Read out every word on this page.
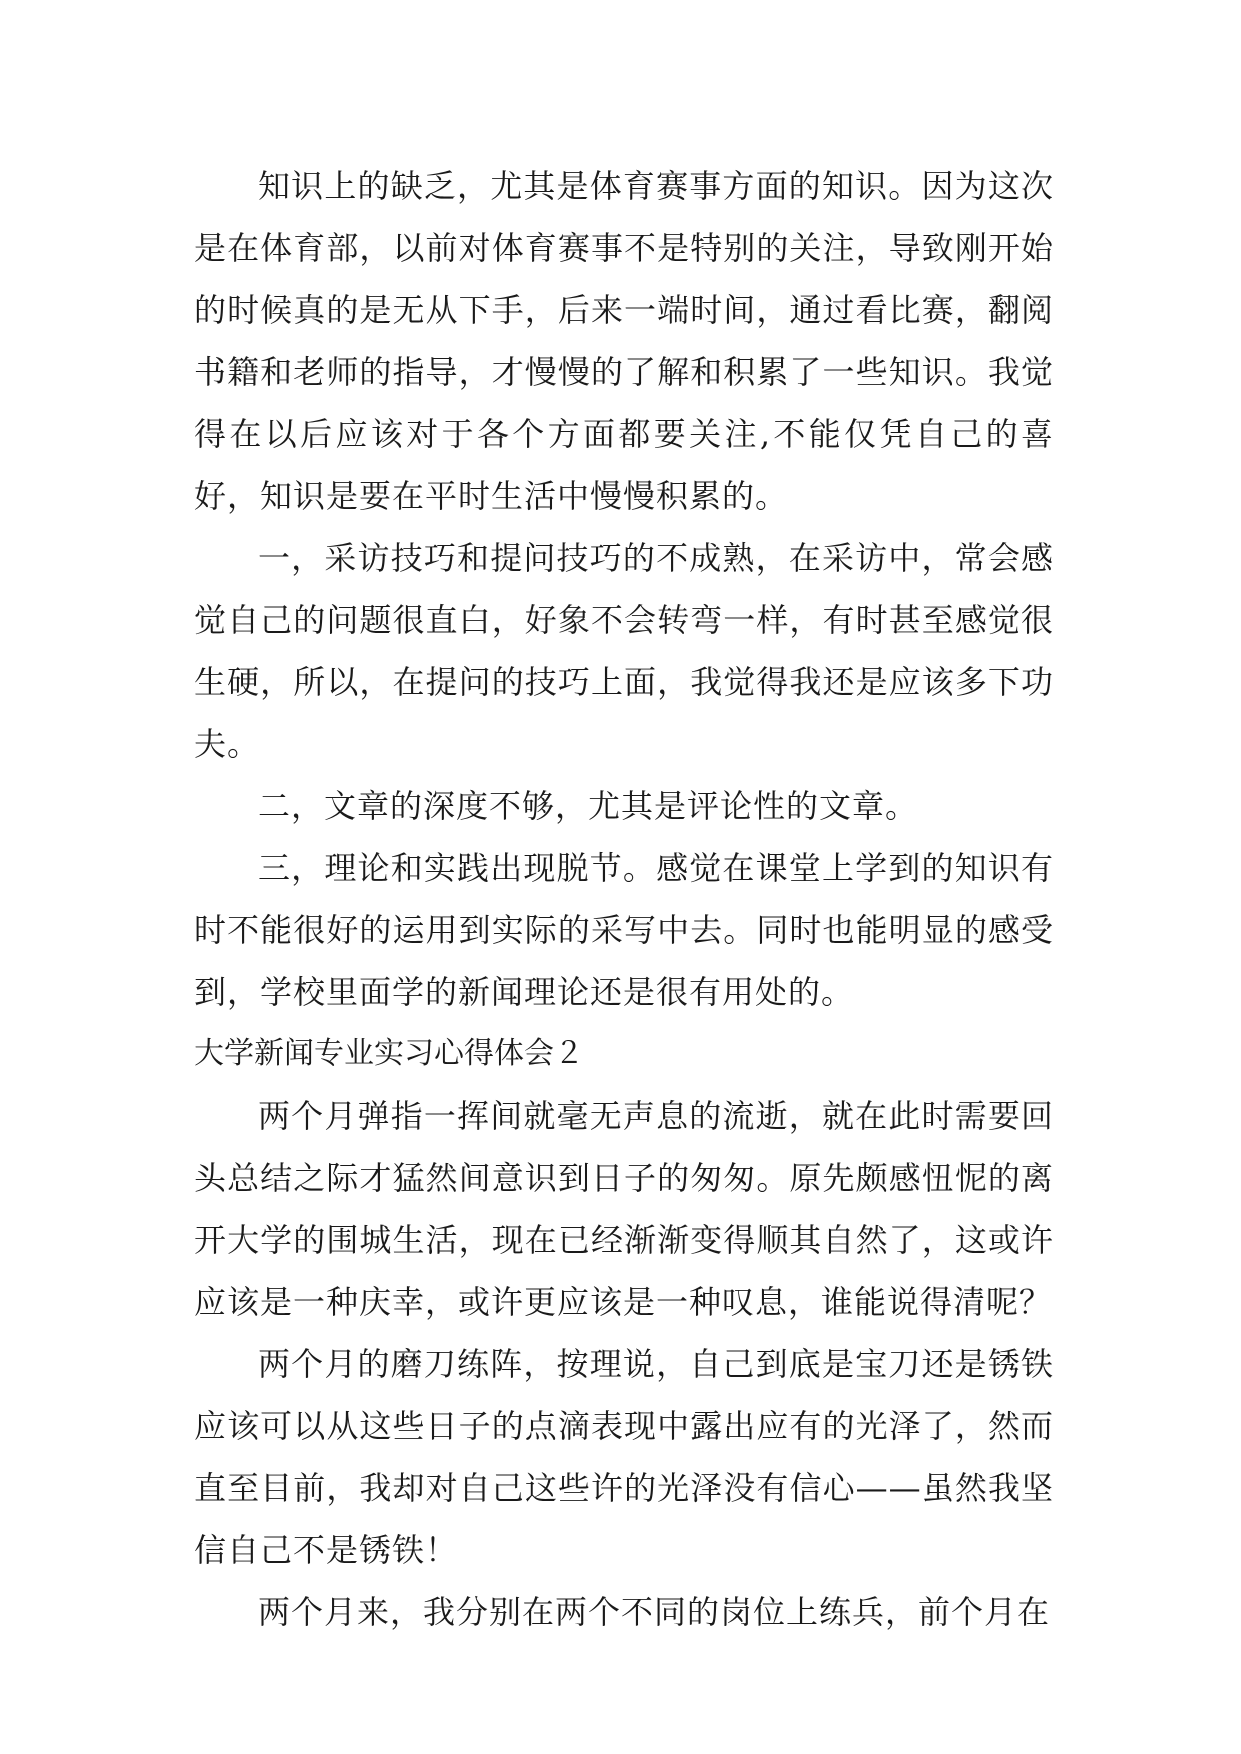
知识上的缺乏，尤其是体育赛事方面的知识。因为这次是在体育部，以前对体育赛事不是特别的关注，导致刚开始的时候真的是无从下手，后来一端时间，通过看比赛，翻阅书籍和老师的指导，才慢慢的了解和积累了一些知识。我觉得在以后应该对于各个方面都要关注,不能仅凭自己的喜好，知识是要在平时生活中慢慢积累的。

一，采访技巧和提问技巧的不成熟，在采访中，常会感觉自己的问题很直白，好象不会转弯一样，有时甚至感觉很生硬，所以，在提问的技巧上面，我觉得我还是应该多下功夫。

二，文章的深度不够，尤其是评论性的文章。

三，理论和实践出现脱节。感觉在课堂上学到的知识有时不能很好的运用到实际的采写中去。同时也能明显的感受到，学校里面学的新闻理论还是很有用处的。

大学新闻专业实习心得体会２

两个月弹指一挥间就毫无声息的流逝，就在此时需要回头总结之际才猛然间意识到日子的匆匆。原先颇感忸怩的离开大学的围城生活，现在已经渐渐变得顺其自然了，这或许应该是一种庆幸，或许更应该是一种叹息，谁能说得清呢？

两个月的磨刀练阵，按理说，自己到底是宝刀还是锈铁应该可以从这些日子的点滴表现中露出应有的光泽了，然而直至目前，我却对自己这些许的光泽没有信心——虽然我坚信自己不是锈铁！

两个月来，我分别在两个不同的岗位上练兵，前个月在
